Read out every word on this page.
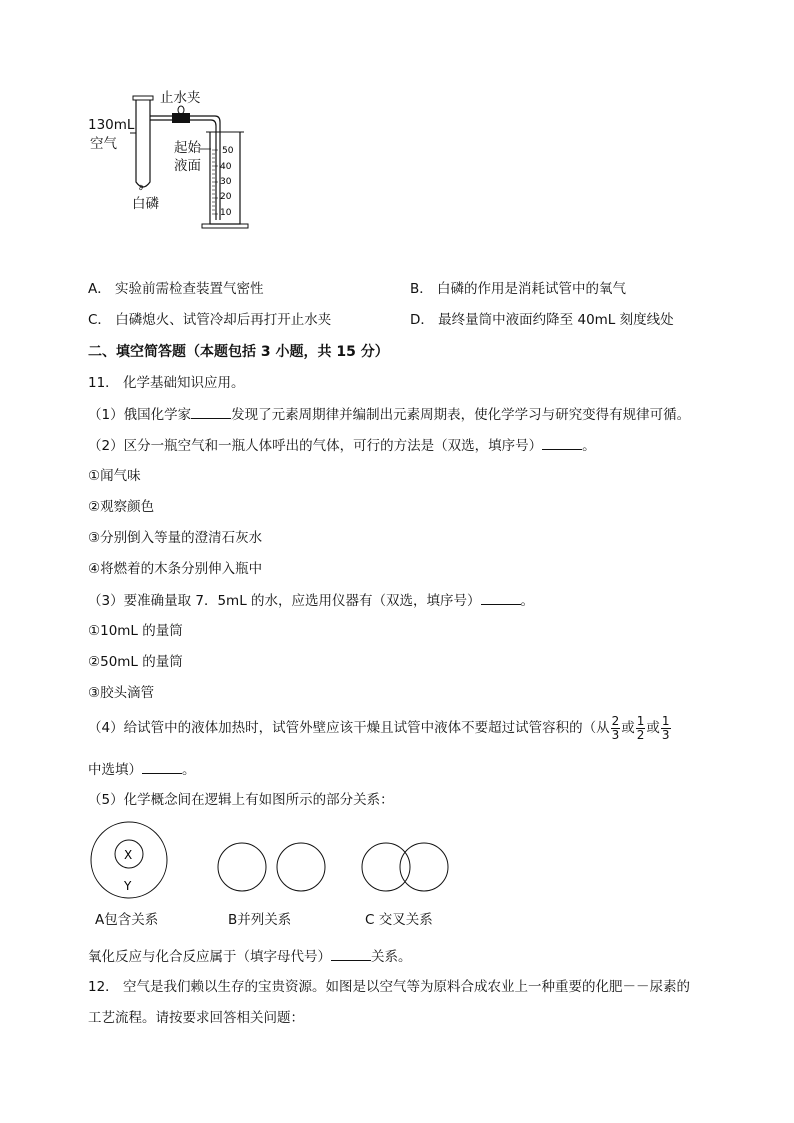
∂
50
40
30
20
10
130mL
空气
止水夹
起始
液面
白磷
A． 实验前需检查装置气密性	B． 白磷的作用是消耗试管中的氧气
C． 白磷熄火、试管冷却后再打开止水夹	D． 最终量筒中液面约降至 40mL 刻度线处
二、填空简答题（本题包括 3 小题，共 15 分）
11． 化学基础知识应用。
（1）俄国化学家	发现了元素周期律并编制出元素周期表，使化学学习与研究变得有规律可循。
（2）区分一瓶空气和一瓶人体呼出的气体，可行的方法是（双选，填序号）	。
①闻气味
②观察颜色
③分别倒入等量的澄清石灰水
④将燃着的木条分别伸入瓶中
（3）要准确量取 7．5mL 的水，应选用仪器有（双选，填序号）	。
①10mL 的量筒
②50mL 的量筒
③胶头滴管
（4）给试管中的液体加热时，试管外壁应该干燥且试管中液体不要超过试管容积的（从 $\frac{2}{3}$ 或 $\frac{1}{2}$ 或 $\frac{1}{3}$
中选填）	。
（5）化学概念间在逻辑上有如图所示的部分关系：
X
Y
A包含关系	B并列关系	C 交叉关系
氧化反应与化合反应属于（填字母代号）	关系。
12． 空气是我们赖以生存的宝贵资源。如图是以空气等为原料合成农业上一种重要的化肥－－尿素的
工艺流程。请按要求回答相关问题：
